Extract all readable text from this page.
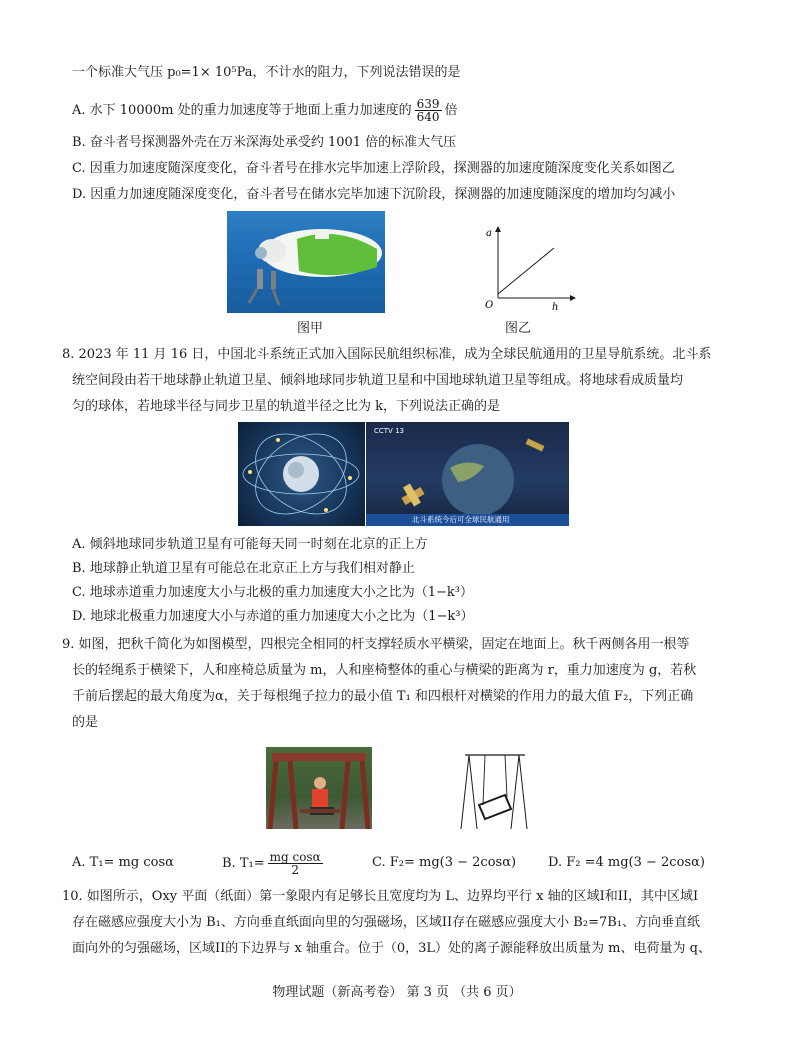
一个标准大气压 p₀=1× 10⁵Pa，不计水的阻力，下列说法错误的是
A. 水下 10000m 处的重力加速度等于地面上重力加速度的 $\frac{639}{640}$ 倍
B. 奋斗者号探测器外壳在万米深海处承受约 1001 倍的标准大气压
C. 因重力加速度随深度变化，奋斗者号在排水完毕加速上浮阶段，探测器的加速度随深度变化关系如图乙
D. 因重力加速度随深度变化，奋斗者号在储水完毕加速下沉阶段，探测器的加速度随深度的增加均匀减小
图甲
a
h
O
图乙
8. 2023 年 11 月 16 日，中国北斗系统正式加入国际民航组织标准，成为全球民航通用的卫星导航系统。北斗系
统空间段由若干地球静止轨道卫星、倾斜地球同步轨道卫星和中国地球轨道卫星等组成。将地球看成质量均
匀的球体，若地球半径与同步卫星的轨道半径之比为 k，下列说法正确的是
CCTV 13
北斗系统今后可全球民航通用
A. 倾斜地球同步轨道卫星有可能每天同一时刻在北京的正上方
B. 地球静止轨道卫星有可能总在北京正上方与我们相对静止
C. 地球赤道重力加速度大小与北极的重力加速度大小之比为（1−k³）
D. 地球北极重力加速度大小与赤道的重力加速度大小之比为（1−k³）
9. 如图，把秋千简化为如图模型，四根完全相同的杆支撑轻质水平横梁，固定在地面上。秋千两侧各用一根等
长的轻绳系于横梁下，人和座椅总质量为 m，人和座椅整体的重心与横梁的距离为 r，重力加速度为 g，若秋
千前后摆起的最大角度为α，关于每根绳子拉力的最小值 T₁ 和四根杆对横梁的作用力的最大值 F₂，下列正确
的是
A. T₁= mg cosα	B. $T_1= \frac{\text{mg cosα}}{2}$	C. F₂= mg(3 − 2cosα) D. F₂ =4 mg(3 − 2cosα)
10. 如图所示，Oxy 平面（纸面）第一象限内有足够长且宽度均为 L、边界均平行 x 轴的区域I和II，其中区域I
存在磁感应强度大小为 B₁、方向垂直纸面向里的匀强磁场，区域II存在磁感应强度大小 B₂=7B₁、方向垂直纸
面向外的匀强磁场，区域II的下边界与 x 轴重合。位于（0，3L）处的离子源能释放出质量为 m、电荷量为 q、
物理试题（新高考卷） 第 3 页 （共 6 页）
